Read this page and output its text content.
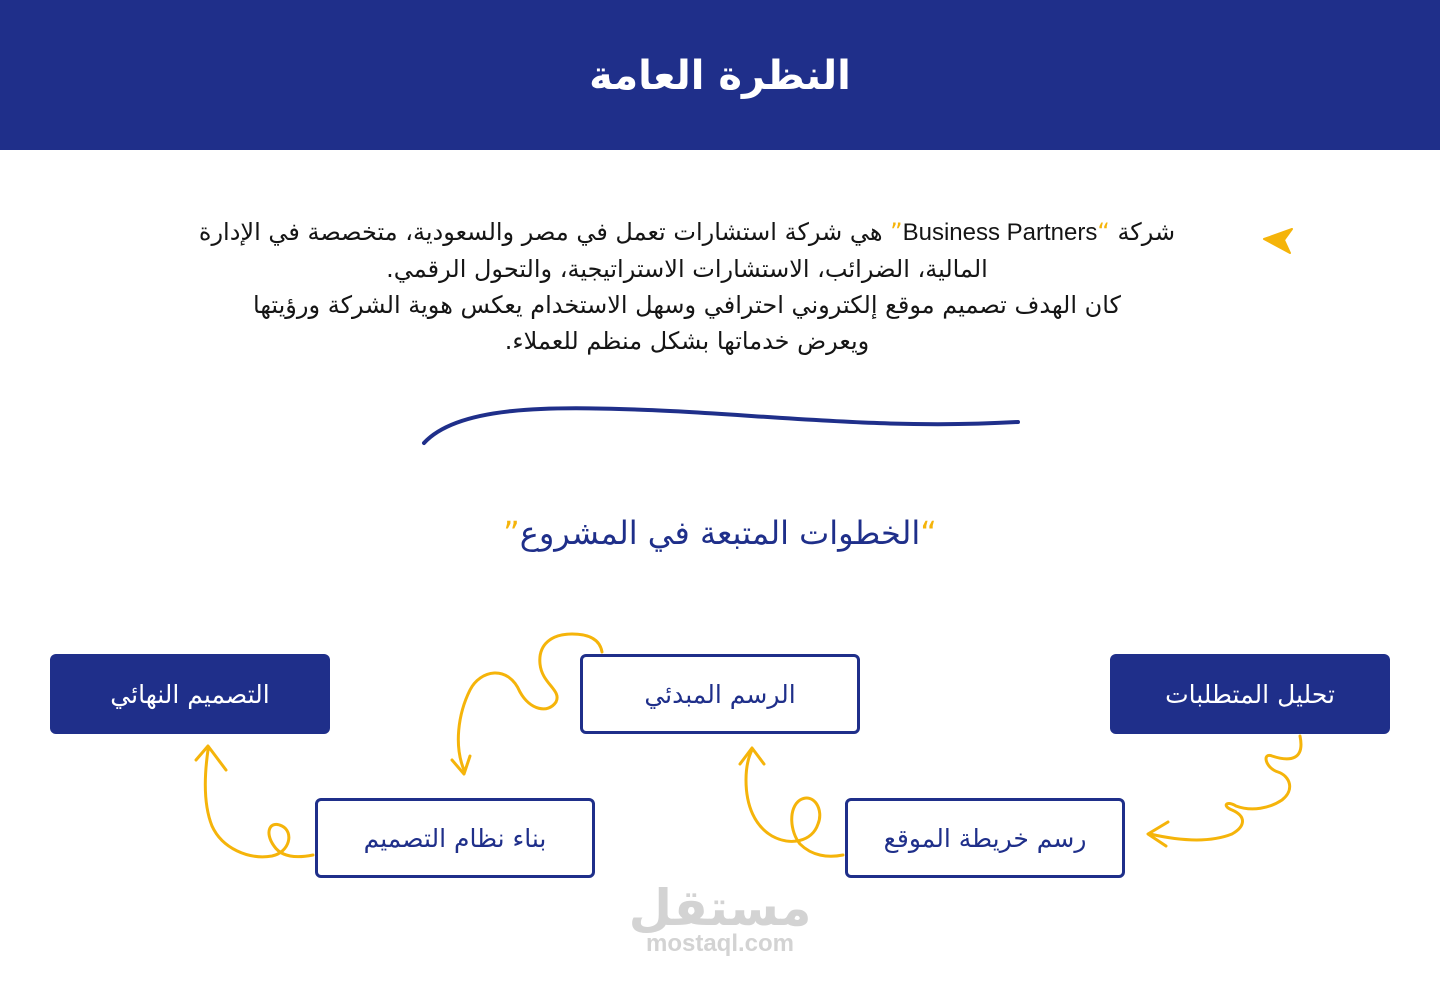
النظرة العامة
شركة “Business Partners” هي شركة استشارات تعمل في مصر والسعودية، متخصصة في الإدارة
المالية، الضرائب، الاستشارات الاستراتيجية، والتحول الرقمي.
كان الهدف تصميم موقع إلكتروني احترافي وسهل الاستخدام يعكس هوية الشركة ورؤيتها
ويعرض خدماتها بشكل منظم للعملاء.
“الخطوات المتبعة في المشروع”
تحليل المتطلبات
رسم خريطة الموقع
الرسم المبدئي
بناء نظام التصميم
التصميم النهائي
مستقل
mostaql.com
